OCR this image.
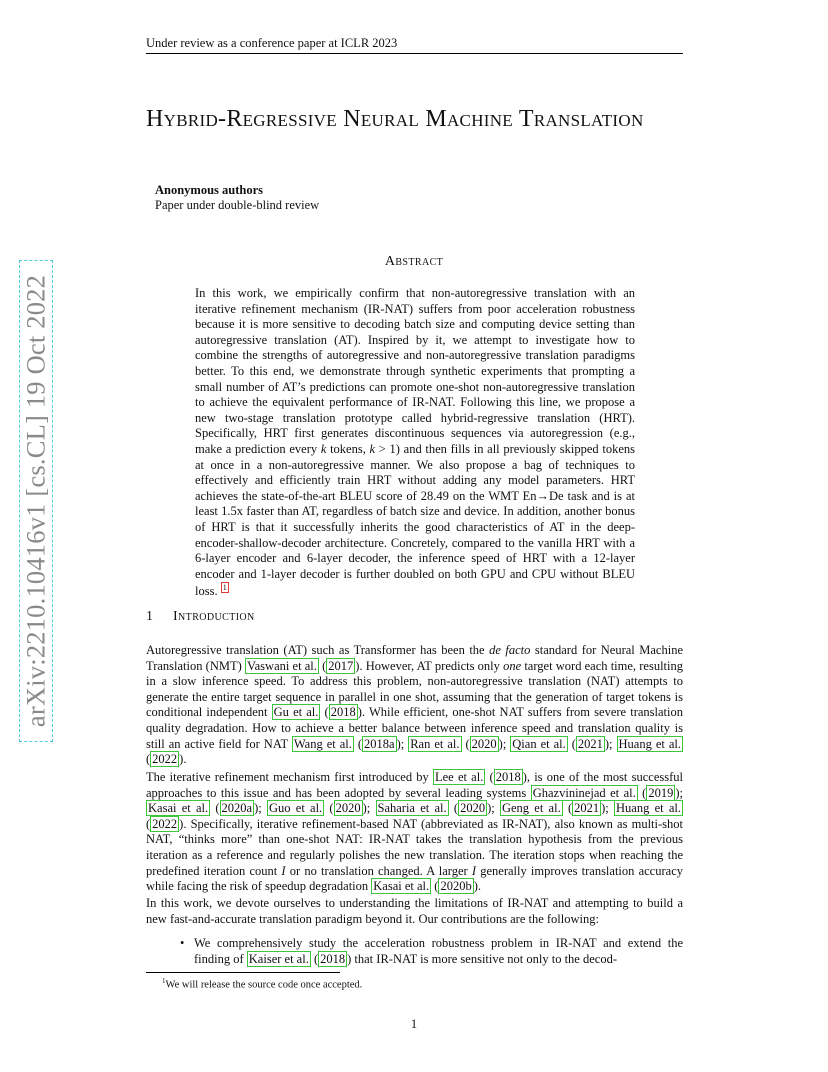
Under review as a conference paper at ICLR 2023
arXiv:2210.10416v1 [cs.CL] 19 Oct 2022
Hybrid-Regressive Neural Machine Translation
Anonymous authors
Paper under double-blind review
Abstract
In this work, we empirically confirm that non-autoregressive translation with an iterative refinement mechanism (IR-NAT) suffers from poor acceleration robustness because it is more sensitive to decoding batch size and computing device setting than autoregressive translation (AT). Inspired by it, we attempt to investigate how to combine the strengths of autoregressive and non-autoregressive translation paradigms better. To this end, we demonstrate through synthetic experiments that prompting a small number of AT’s predictions can promote one-shot non-autoregressive translation to achieve the equivalent performance of IR-NAT. Following this line, we propose a new two-stage translation prototype called hybrid-regressive translation (HRT). Specifically, HRT first generates discontinuous sequences via autoregression (e.g., make a prediction every k tokens, k > 1) and then fills in all previously skipped tokens at once in a non-autoregressive manner. We also propose a bag of techniques to effectively and efficiently train HRT without adding any model parameters. HRT achieves the state-of-the-art BLEU score of 28.49 on the WMT En→De task and is at least 1.5x faster than AT, regardless of batch size and device. In addition, another bonus of HRT is that it successfully inherits the good characteristics of AT in the deep-encoder-shallow-decoder architecture. Concretely, compared to the vanilla HRT with a 6-layer encoder and 6-layer decoder, the inference speed of HRT with a 12-layer encoder and 1-layer decoder is further doubled on both GPU and CPU without BLEU loss. 1
1 Introduction
Autoregressive translation (AT) such as Transformer has been the de facto standard for Neural Machine Translation (NMT) Vaswani et al. ( 2017 ). However, AT predicts only one target word each time, resulting in a slow inference speed. To address this problem, non-autoregressive translation (NAT) attempts to generate the entire target sequence in parallel in one shot, assuming that the generation of target tokens is conditional independent Gu et al. ( 2018 ). While efficient, one-shot NAT suffers from severe translation quality degradation. How to achieve a better balance between inference speed and translation quality is still an active field for NAT Wang et al. ( 2018a ); Ran et al. ( 2020 ); Qian et al. ( 2021 ); Huang et al. ( 2022 ).
The iterative refinement mechanism first introduced by Lee et al. ( 2018 ), is one of the most successful approaches to this issue and has been adopted by several leading systems Ghazvininejad et al. ( 2019 ); Kasai et al. ( 2020a ); Guo et al. ( 2020 ); Saharia et al. ( 2020 ); Geng et al. ( 2021 ); Huang et al. ( 2022 ). Specifically, iterative refinement-based NAT (abbreviated as IR-NAT), also known as multi-shot NAT, “thinks more” than one-shot NAT: IR-NAT takes the translation hypothesis from the previous iteration as a reference and regularly polishes the new translation. The iteration stops when reaching the predefined iteration count I or no translation changed. A larger I generally improves translation accuracy while facing the risk of speedup degradation Kasai et al. ( 2020b ).
In this work, we devote ourselves to understanding the limitations of IR-NAT and attempting to build a new fast-and-accurate translation paradigm beyond it. Our contributions are the following:
• We comprehensively study the acceleration robustness problem in IR-NAT and extend the finding of Kaiser et al. ( 2018 ) that IR-NAT is more sensitive not only to the decod-
$^1$We will release the source code once accepted.
1
